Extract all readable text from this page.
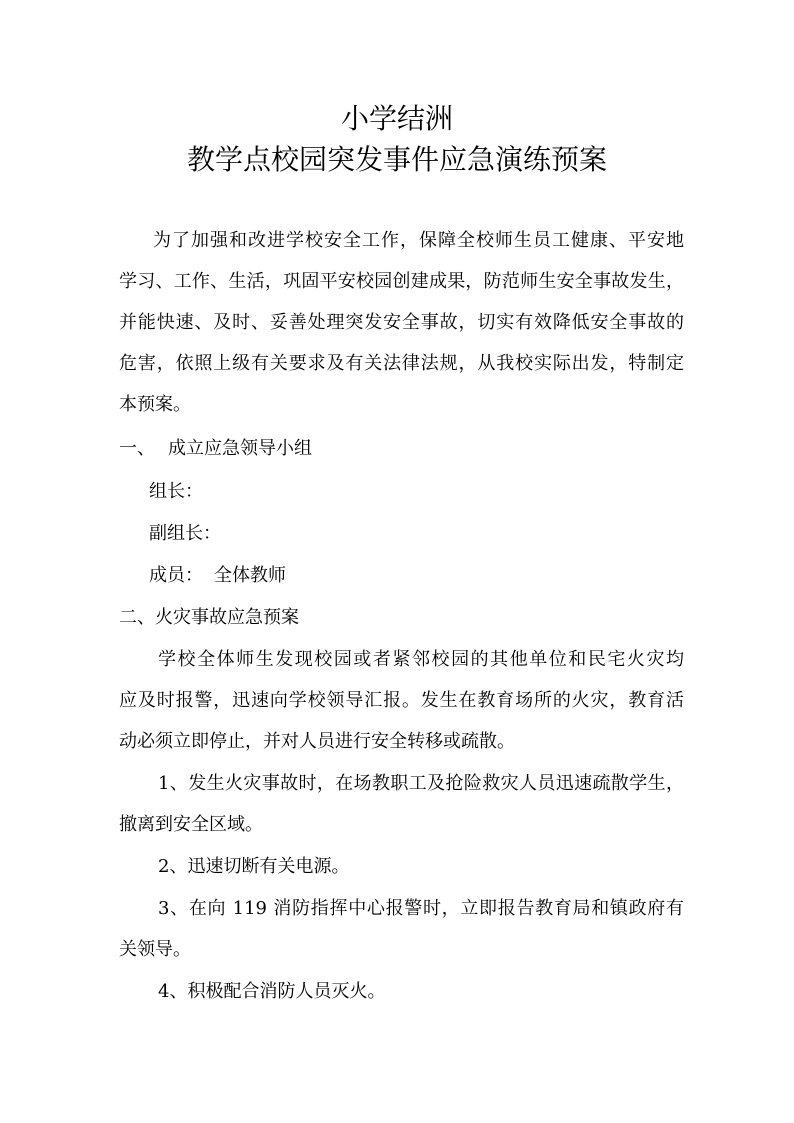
小学结洲
教学点校园突发事件应急演练预案
为了加强和改进学校安全工作，保障全校师生员工健康、平安地
学习、工作、生活，巩固平安校园创建成果，防范师生安全事故发生，
并能快速、及时、妥善处理突发安全事故，切实有效降低安全事故的
危害，依照上级有关要求及有关法律法规，从我校实际出发，特制定
本预案。
一、 成立应急领导小组
组长：
副组长：
成员： 全体教师
二、火灾事故应急预案
学校全体师生发现校园或者紧邻校园的其他单位和民宅火灾均
应及时报警，迅速向学校领导汇报。发生在教育场所的火灾，教育活
动必须立即停止，并对人员进行安全转移或疏散。
1、发生火灾事故时，在场教职工及抢险救灾人员迅速疏散学生，
撤离到安全区域。
2、迅速切断有关电源。
3、在向 119 消防指挥中心报警时，立即报告教育局和镇政府有
关领导。
4、积极配合消防人员灭火。
